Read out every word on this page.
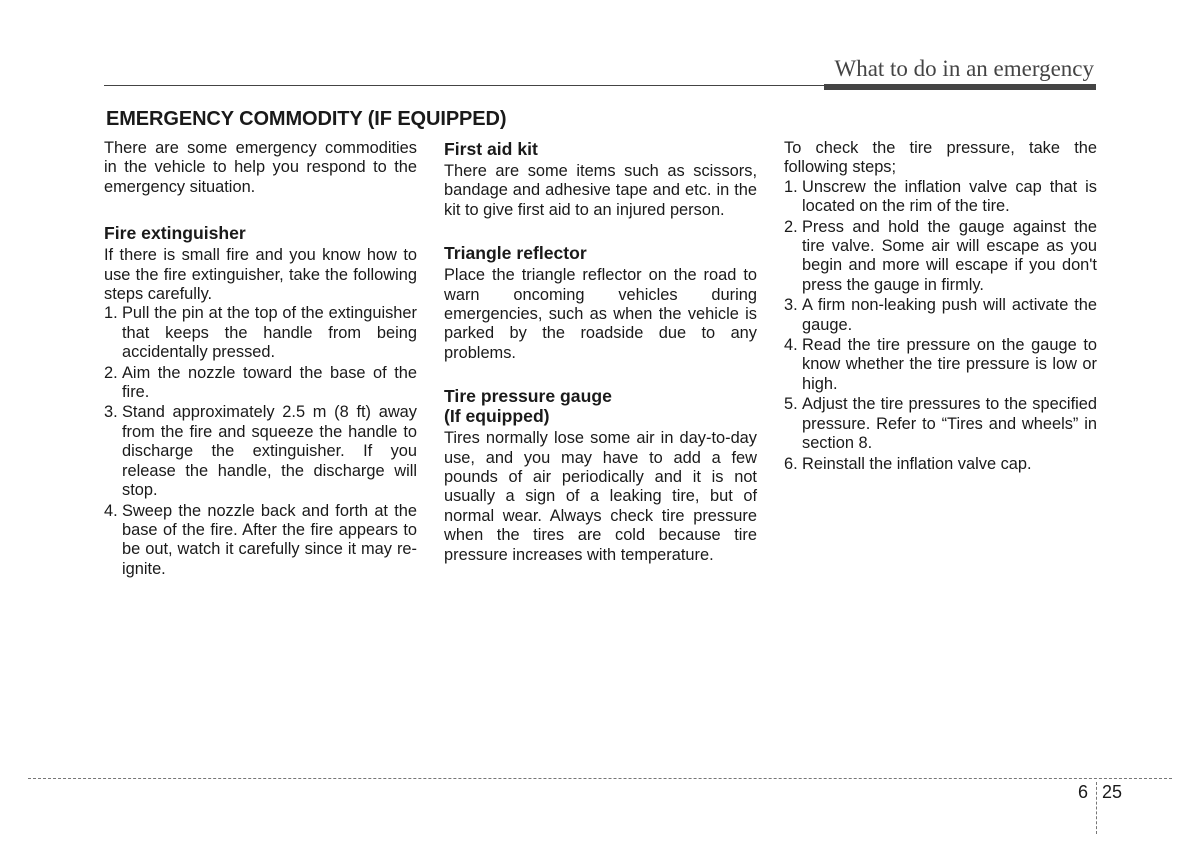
What to do in an emergency
EMERGENCY COMMODITY (IF EQUIPPED)

There are some emergency commodities in the vehicle to help you respond to the emergency situation.

Fire extinguisher

If there is small fire and you know how to use the fire extinguisher, take the following steps carefully.

1. Pull the pin at the top of the extinguisher that keeps the handle from being accidentally pressed.
2. Aim the nozzle toward the base of the fire.
3. Stand approximately 2.5 m (8 ft) away from the fire and squeeze the handle to discharge the extinguisher. If you release the handle, the discharge will stop.
4. Sweep the nozzle back and forth at the base of the fire. After the fire appears to be out, watch it carefully since it may re-ignite.
First aid kit

There are some items such as scissors, bandage and adhesive tape and etc. in the kit to give first aid to an injured person.

Triangle reflector

Place the triangle reflector on the road to warn oncoming vehicles during emergencies, such as when the vehicle is parked by the roadside due to any problems.

Tire pressure gauge
(If equipped)

Tires normally lose some air in day-to-day use, and you may have to add a few pounds of air periodically and it is not usually a sign of a leaking tire, but of normal wear. Always check tire pressure when the tires are cold because tire pressure increases with temperature.

To check the tire pressure, take the following steps;

1. Unscrew the inflation valve cap that is located on the rim of the tire.
2. Press and hold the gauge against the tire valve. Some air will escape as you begin and more will escape if you don't press the gauge in firmly.
3. A firm non-leaking push will activate the gauge.
4. Read the tire pressure on the gauge to know whether the tire pressure is low or high.
5. Adjust the tire pressures to the specified pressure. Refer to “Tires and wheels” in section 8.
6. Reinstall the inflation valve cap.
6 25
